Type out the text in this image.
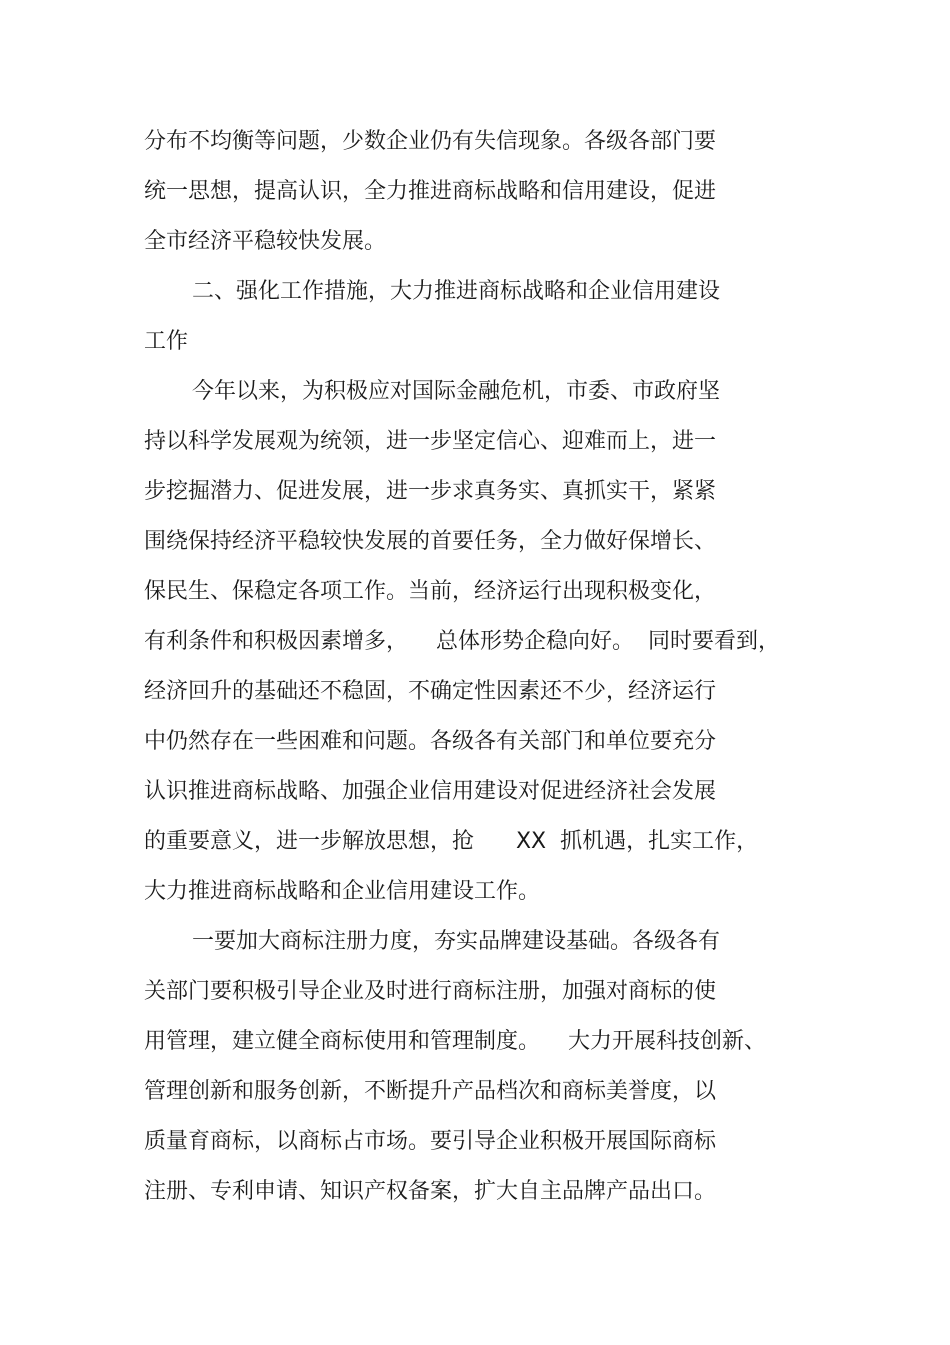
分布不均衡等问题，少数企业仍有失信现象。各级各部门要
统一思想，提高认识，全力推进商标战略和信用建设，促进
全市经济平稳较快发展。
二、强化工作措施，大力推进商标战略和企业信用建设
工作
今年以来，为积极应对国际金融危机，市委、市政府坚
持以科学发展观为统领，进一步坚定信心、迎难而上，进一
步挖掘潜力、促进发展，进一步求真务实、真抓实干，紧紧
围绕保持经济平稳较快发展的首要任务，全力做好保增长、
保民生、保稳定各项工作。当前，经济运行出现积极变化，
有利条件和积极因素增多，    总体形势企稳向好。  同时要看到，
经济回升的基础还不稳固，不确定性因素还不少，经济运行
中仍然存在一些困难和问题。各级各有关部门和单位要充分
认识推进商标战略、加强企业信用建设对促进经济社会发展
的重要意义，进一步解放思想，抢      XX  抓机遇，扎实工作，
大力推进商标战略和企业信用建设工作。
一要加大商标注册力度，夯实品牌建设基础。各级各有
关部门要积极引导企业及时进行商标注册，加强对商标的使
用管理，建立健全商标使用和管理制度。    大力开展科技创新、
管理创新和服务创新，不断提升产品档次和商标美誉度，以
质量育商标，以商标占市场。要引导企业积极开展国际商标
注册、专利申请、知识产权备案，扩大自主品牌产品出口。
